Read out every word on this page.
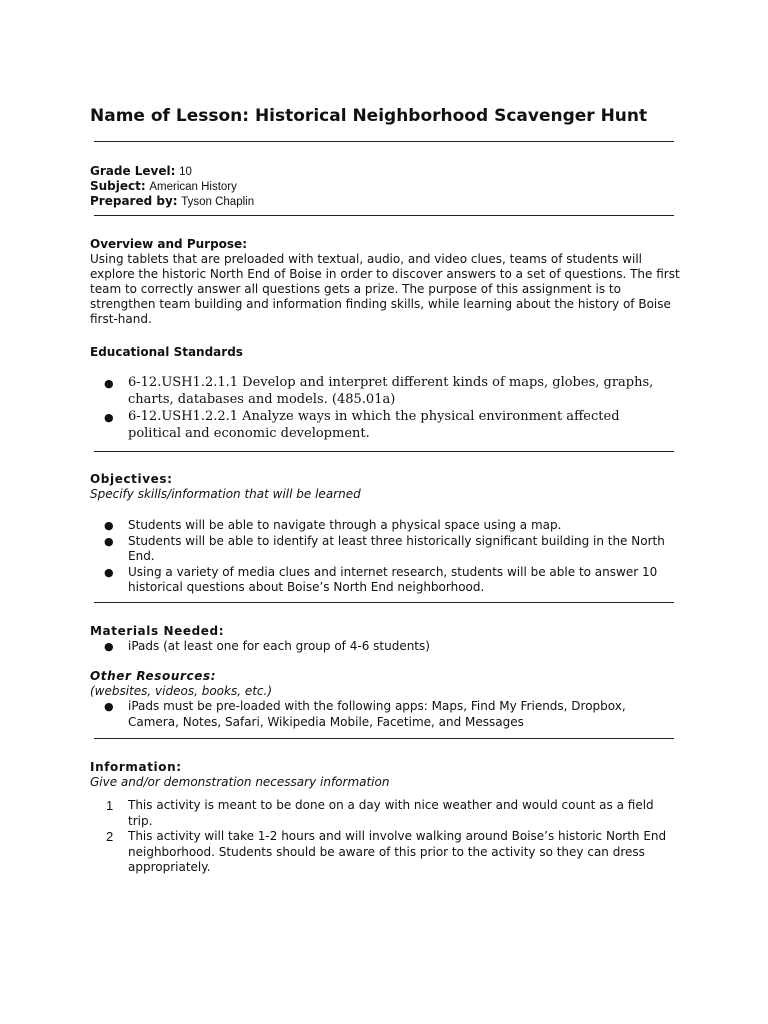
Name of Lesson: Historical Neighborhood Scavenger Hunt
Grade Level: 10
Subject: American History
Prepared by: Tyson Chaplin

Overview and Purpose:

Using tablets that are preloaded with textual, audio, and video clues, teams of students will explore the historic North End of Boise in order to discover answers to a set of questions. The first team to correctly answer all questions gets a prize. The purpose of this assignment is to strengthen team building and information finding skills, while learning about the history of Boise first-hand.

Educational Standards

● 6-12.USH1.2.1.1 Develop and interpret different kinds of maps, globes, graphs, charts, databases and models. (485.01a)
● 6-12.USH1.2.2.1 Analyze ways in which the physical environment affected political and economic development.

Objectives:

Specify skills/information that will be learned

● Students will be able to navigate through a physical space using a map.
● Students will be able to identify at least three historically significant building in the North End.
● Using a variety of media clues and internet research, students will be able to answer 10 historical questions about Boise’s North End neighborhood.

Materials Needed:

● iPads (at least one for each group of 4-6 students)

Other Resources:

(websites, videos, books, etc.)

● iPads must be pre-loaded with the following apps: Maps, Find My Friends, Dropbox, Camera, Notes, Safari, Wikipedia Mobile, Facetime, and Messages

Information:

Give and/or demonstration necessary information

1 This activity is meant to be done on a day with nice weather and would count as a field trip.
2 This activity will take 1-2 hours and will involve walking around Boise’s historic North End neighborhood. Students should be aware of this prior to the activity so they can dress appropriately.
